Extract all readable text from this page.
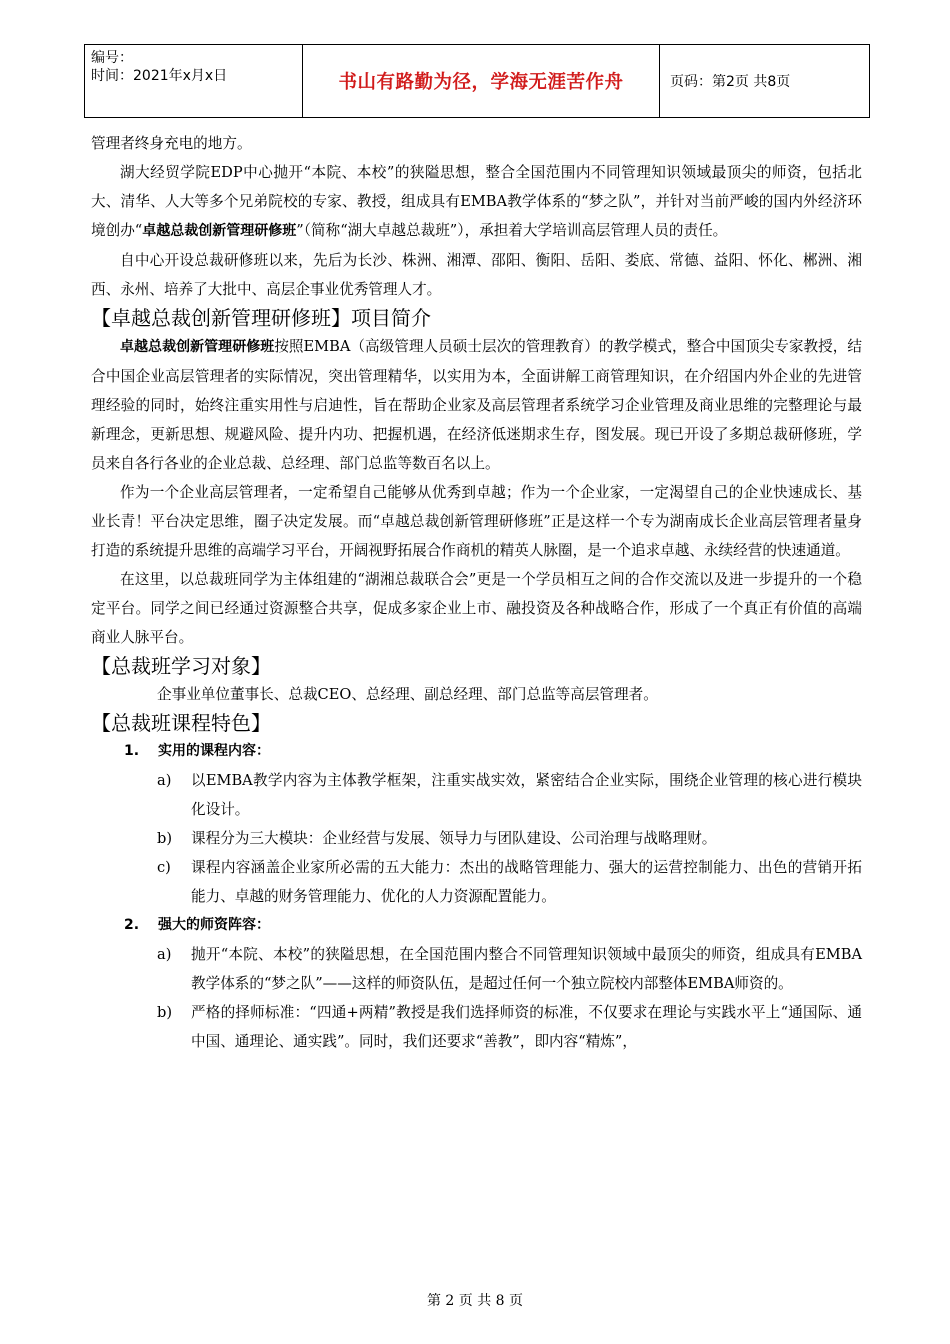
编号：
时间：2021年x月x日	书山有路勤为径，学海无涯苦作舟	页码：第2页 共8页

管理者终身充电的地方。

湖大经贸学院EDP中心抛开“本院、本校”的狭隘思想，整合全国范围内不同管理知识领域最顶尖的师资，包括北大、清华、人大等多个兄弟院校的专家、教授，组成具有EMBA教学体系的“梦之队”，并针对当前严峻的国内外经济环境创办“卓越总裁创新管理研修班”（简称“湖大卓越总裁班”），承担着大学培训高层管理人员的责任。

自中心开设总裁研修班以来，先后为长沙、株洲、湘潭、邵阳、衡阳、岳阳、娄底、常德、益阳、怀化、郴洲、湘西、永州、培养了大批中、高层企事业优秀管理人才。

【卓越总裁创新管理研修班】项目简介

卓越总裁创新管理研修班按照EMBA（高级管理人员硕士层次的管理教育）的教学模式，整合中国顶尖专家教授，结合中国企业高层管理者的实际情况，突出管理精华，以实用为本，全面讲解工商管理知识，在介绍国内外企业的先进管理经验的同时，始终注重实用性与启迪性，旨在帮助企业家及高层管理者系统学习企业管理及商业思维的完整理论与最新理念，更新思想、规避风险、提升内功、把握机遇，在经济低迷期求生存，图发展。现已开设了多期总裁研修班，学员来自各行各业的企业总裁、总经理、部门总监等数百名以上。

作为一个企业高层管理者，一定希望自己能够从优秀到卓越；作为一个企业家，一定渴望自己的企业快速成长、基业长青！平台决定思维，圈子决定发展。而“卓越总裁创新管理研修班”正是这样一个专为湖南成长企业高层管理者量身打造的系统提升思维的高端学习平台，开阔视野拓展合作商机的精英人脉圈，是一个追求卓越、永续经营的快速通道。

在这里，以总裁班同学为主体组建的“湖湘总裁联合会”更是一个学员相互之间的合作交流以及进一步提升的一个稳定平台。同学之间已经通过资源整合共享，促成多家企业上市、融投资及各种战略合作，形成了一个真正有价值的高端商业人脉平台。

【总裁班学习对象】

企事业单位董事长、总裁CEO、总经理、副总经理、部门总监等高层管理者。

【总裁班课程特色】
1. 实用的课程内容：
a) 以EMBA教学内容为主体教学框架，注重实战实效，紧密结合企业实际，围绕企业管理的核心进行模块化设计。
b) 课程分为三大模块：企业经营与发展、领导力与团队建设、公司治理与战略理财。
c) 课程内容涵盖企业家所必需的五大能力：杰出的战略管理能力、强大的运营控制能力、出色的营销开拓能力、卓越的财务管理能力、优化的人力资源配置能力。
2. 强大的师资阵容：
a) 抛开“本院、本校”的狭隘思想，在全国范围内整合不同管理知识领域中最顶尖的师资，组成具有EMBA教学体系的“梦之队”——这样的师资队伍，是超过任何一个独立院校内部整体EMBA师资的。
b) 严格的择师标准：“四通+两精”教授是我们选择师资的标准，不仅要求在理论与实践水平上“通国际、通中国、通理论、通实践”。同时，我们还要求“善教”，即内容“精炼”，
第 2 页 共 8 页
